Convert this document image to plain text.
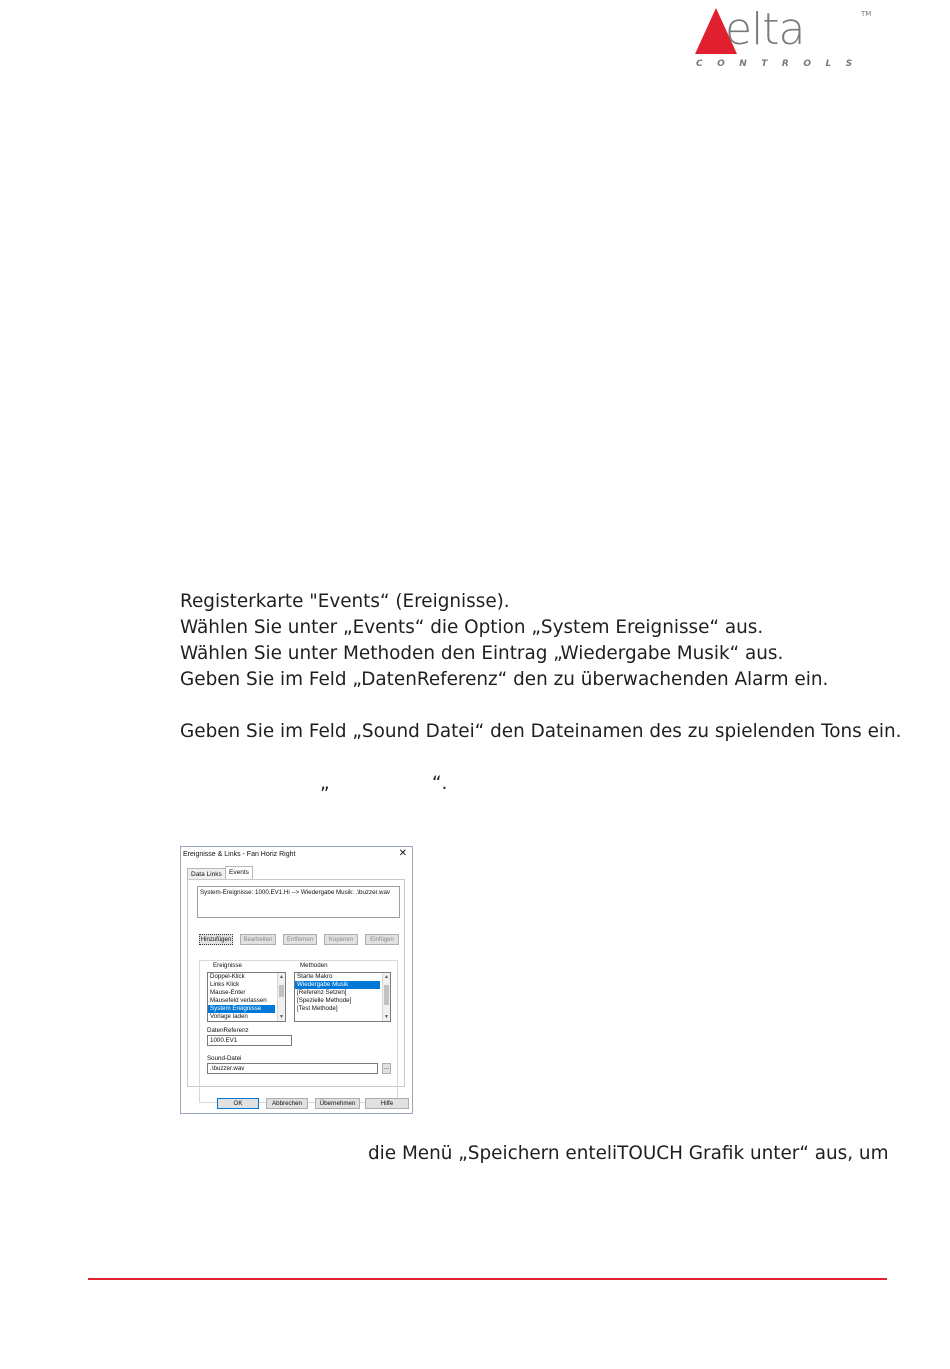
elta	TM
CONTROLS
Registerkarte "Events“ (Ereignisse).
Wählen Sie unter „Events“ die Option „System Ereignisse“ aus.
Wählen Sie unter Methoden den Eintrag „Wiedergabe Musik“ aus.
Geben Sie im Feld „DatenReferenz“ den zu überwachenden Alarm ein.
Geben Sie im Feld „Sound Datei“ den Dateinamen des zu spielenden Tons ein.
„	“.
die Menü „Speichern enteliTOUCH Grafik unter“ aus, um
Ereignisse & Links - Fan Horiz Right	✕
Data Links	Events
System-Ereignisse: 1000.EV1.Hi --> Wiedergabe Musik: .\buzzer.wav
Hinzufügen	Bearbeiten	Entfernen	Kopieren	Einfügen
Ereignisse	Methoden
Doppel-Klick
Links Klick
Mause-Enter
Mausefeld verlassen
System Ereignisse
Vorlage laden
▲
▼
Starte Makro
Wiedergabe Musik
[Referenz Setzen]
[Spezielle Methode]
[Test Methode]
▲
▼
DatenReferenz
1000.EV1
Sound-Datei
.\buzzer.wav	...
OK	Abbrechen	Übernehmen	Hilfe
